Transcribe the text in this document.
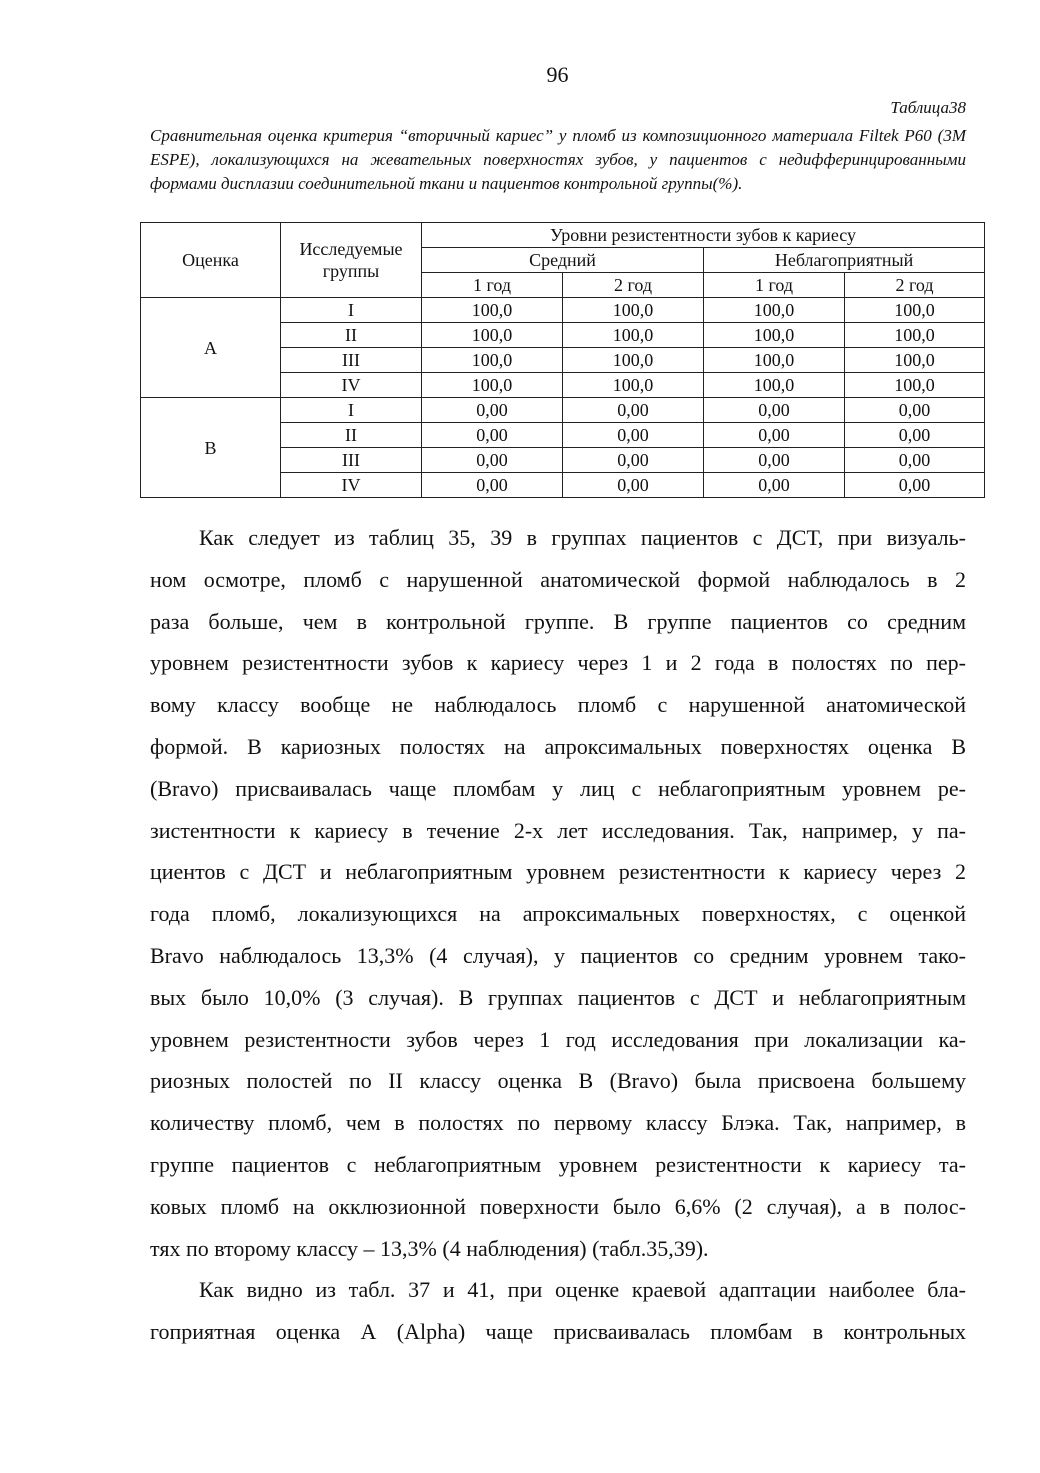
96
Таблица38
Сравнительная оценка критерия “вторичный кариес” у пломб из композиционного материала Filtek P60 (3M ESPE), локализующихся на жевательных поверхностях зубов, у пациентов с недифферинцированными формами дисплазии соединительной ткани и пациентов контрольной группы(%).
Оценка	Исследуемые группы	Уровни резистентности зубов к кариесу			
		Средний		Неблагоприятный	
		1 год	2 год	1 год	2 год
A	I	100,0	100,0	100,0	100,0
	II	100,0	100,0	100,0	100,0
	III	100,0	100,0	100,0	100,0
	IV	100,0	100,0	100,0	100,0
B	I	0,00	0,00	0,00	0,00
	II	0,00	0,00	0,00	0,00
	III	0,00	0,00	0,00	0,00
	IV	0,00	0,00	0,00	0,00

Как следует из таблиц 35, 39 в группах пациентов с ДСТ, при визуаль-

ном осмотре, пломб с нарушенной анатомической формой наблюдалось в 2

раза больше, чем в контрольной группе. В группе пациентов со средним

уровнем резистентности зубов к кариесу через 1 и 2 года в полостях по пер-

вому классу вообще не наблюдалось пломб с нарушенной анатомической

формой. В кариозных полостях на апроксимальных поверхностях оценка В

(Bravo) присваивалась чаще пломбам у лиц с неблагоприятным уровнем ре-

зистентности к кариесу в течение 2-х лет исследования. Так, например, у па-

циентов с ДСТ и неблагоприятным уровнем резистентности к кариесу через 2

года пломб, локализующихся на апроксимальных поверхностях, с оценкой

Bravo наблюдалось 13,3% (4 случая), у пациентов со средним уровнем тако-

вых было 10,0% (3 случая). В группах пациентов с ДСТ и неблагоприятным

уровнем резистентности зубов через 1 год исследования при локализации ка-

риозных полостей по II классу оценка В (Bravo) была присвоена большему

количеству пломб, чем в полостях по первому классу Блэка. Так, например, в

группе пациентов с неблагоприятным уровнем резистентности к кариесу та-

ковых пломб на окклюзионной поверхности было 6,6% (2 случая), а в полос-

тях по второму классу – 13,3% (4 наблюдения) (табл.35,39).

Как видно из табл. 37 и 41, при оценке краевой адаптации наиболее бла-

гоприятная оценка А (Alpha) чаще присваивалась пломбам в контрольных
